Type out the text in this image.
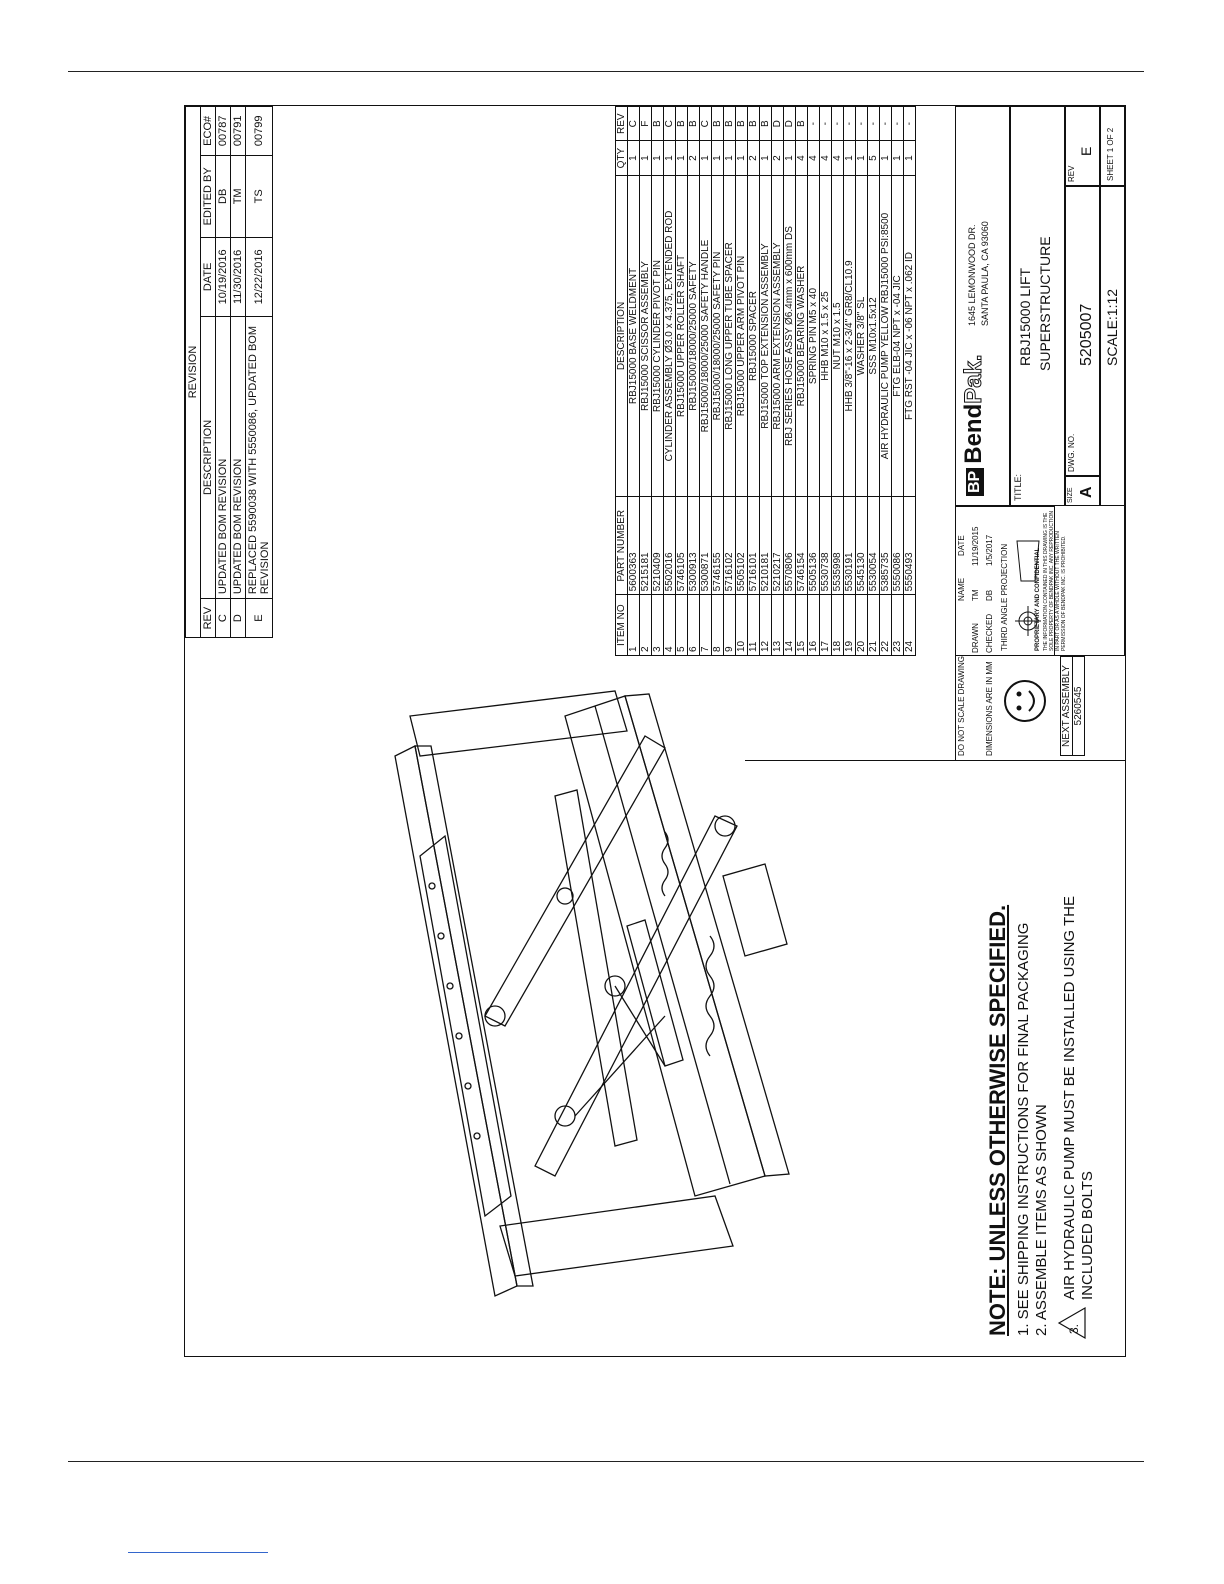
REVISION				
REV	DESCRIPTION	DATE	EDITED BY	ECO#
C	UPDATED BOM REVISION	10/19/2016	DB	00787
D	UPDATED BOM REVISION	11/30/2016	TM	00791
E	REPLACED 5590038 WITH 5550086, UPDATED BOM REVISION	12/22/2016	TS	00799
ITEM NO	PART NUMBER	DESCRIPTION	QTY	REV
1	5600363	RBJ15000 BASE WELDMENT	1	C
2	5215181	RBJ15000 SCISSOR ASSEMBLY	1	F
3	5210409	RBJ15000 CYLINDER PIVOT PIN	1	B
4	5502016	CYLINDER ASSEMBLY Ø3.0 x 4.375, EXTENDED ROD	1	C
5	5746105	RBJ15000 UPPER ROLLER SHAFT	1	B
6	5300913	RBJ15000/18000/25000 SAFETY	2	B
7	5300871	RBJ15000/18000/25000 SAFETY HANDLE	1	C
8	5746155	RBJ15000/18000/25000 SAFETY PIN	1	B
9	5716102	RBJ15000 LONG UPPER TUBE SPACER	1	B
10	5505102	RBJ15000 UPPER ARM PIVOT PIN	1	B
11	5716101	RBJ15000 SPACER	2	B
12	5210181	RBJ15000 TOP EXTENSION ASSEMBLY	1	B
13	5210217	RBJ15000 ARM EXTENSION ASSEMBLY	2	D
14	5570806	RBJ SERIES HOSE ASSY Ø6.4mm x 600mm DS	1	D
15	5746154	RBJ15000 BEARING WASHER	4	B
16	5505136	SPRING PIN M5 x 40	4	-
17	5530738	HHB M10 x 1.5 x 25	4	-
18	5535998	NUT M10 x 1.5	4	-
19	5530191	HHB 3/8"-16 x 2-3/4" GR8/CL10.9	1	-
20	5545130	WASHER 3/8" SL	1	-
21	5530054	SSS M10x1.5x12	5	-
22	5385735	AIR HYDRAULIC PUMP YELLOW RBJ15000 PSI:8500	1	-
23	5550086	FTG ELB-04 NPT x -04 JIC	1	-
24	5550493	FTG RST -04 JIC x -06 NPT x .062 ID	1	-
NEXT ASSEMBLY
5260545
DO NOT SCALE DRAWING DIMENSIONS ARE IN MM
NAME
DATE
DRAWN
TM
11/19/2015
CHECKED
DB
1/5/2017 THIRD ANGLE PROJECTION	PROPRIETARY AND CONFIDENTIAL THE INFORMATION CONTAINED IN THIS DRAWING IS THE SOLE PROPERTY OF BENDPAK INC. ANY REPRODUCTION IN PART OR AS A WHOLE WITHOUT THE WRITTEN PERMISSION OF BENDPAK INC. IS PROHIBITED.
BPBendPak.
1645 LEMONWOOD DR. SANTA PAULA, CA 93060
TITLE:
RBJ15000 LIFT SUPERSTRUCTURE
SIZE A
DWG. NO.
5205007
REV
E
SCALE:1:12
SHEET 1 OF 2
NOTE: UNLESS OTHERWISE SPECIFIED. 1. SEE SHIPPING INSTRUCTIONS FOR FINAL PACKAGING 2. ASSEMBLE ITEMS AS SHOWN 3.
AIR HYDRAULIC PUMP MUST BE INSTALLED USING THE INCLUDED BOLTS
